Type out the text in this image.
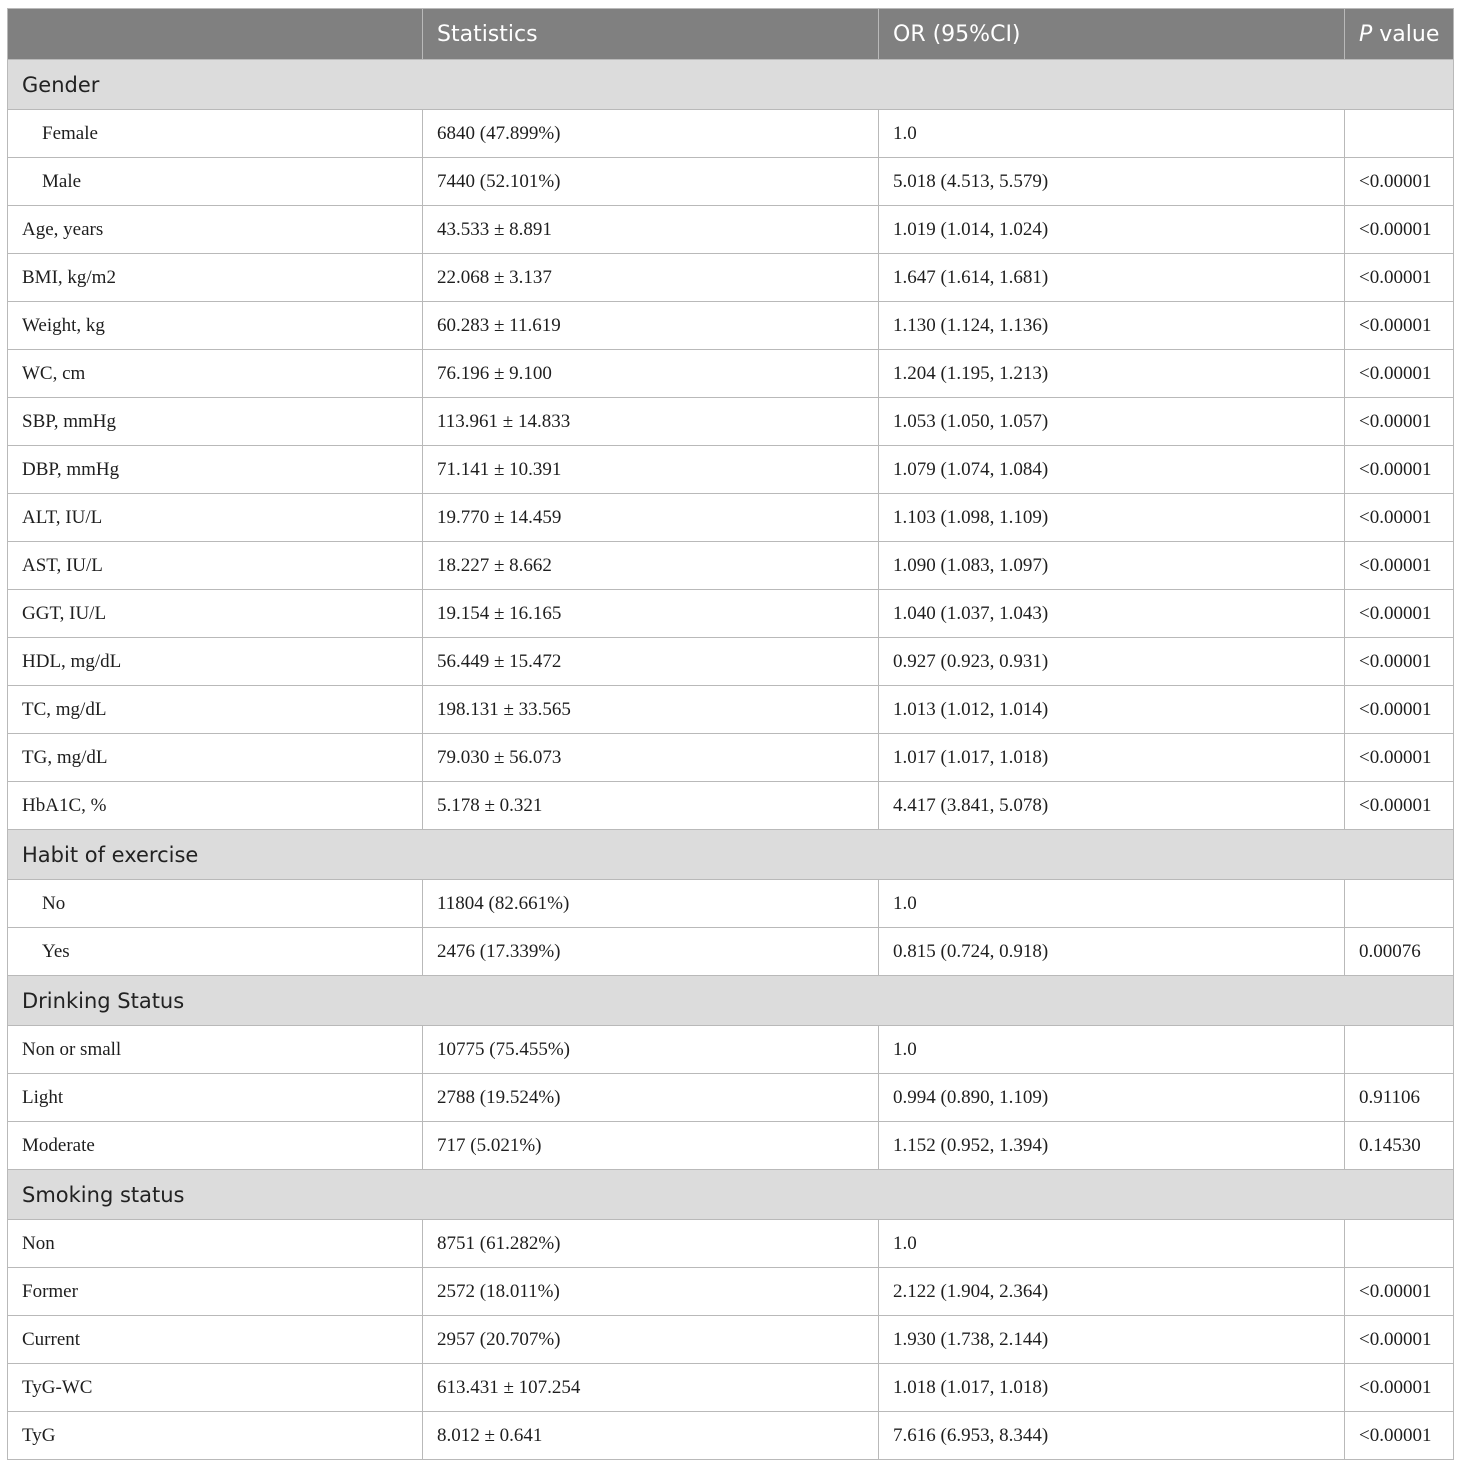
	Statistics	OR (95%CI)	P value
Gender			
Female	6840 (47.899%)	1.0	
Male	7440 (52.101%)	5.018 (4.513, 5.579)	<0.00001
Age, years	43.533 ± 8.891	1.019 (1.014, 1.024)	<0.00001
BMI, kg/m2	22.068 ± 3.137	1.647 (1.614, 1.681)	<0.00001
Weight, kg	60.283 ± 11.619	1.130 (1.124, 1.136)	<0.00001
WC, cm	76.196 ± 9.100	1.204 (1.195, 1.213)	<0.00001
SBP, mmHg	113.961 ± 14.833	1.053 (1.050, 1.057)	<0.00001
DBP, mmHg	71.141 ± 10.391	1.079 (1.074, 1.084)	<0.00001
ALT, IU/L	19.770 ± 14.459	1.103 (1.098, 1.109)	<0.00001
AST, IU/L	18.227 ± 8.662	1.090 (1.083, 1.097)	<0.00001
GGT, IU/L	19.154 ± 16.165	1.040 (1.037, 1.043)	<0.00001
HDL, mg/dL	56.449 ± 15.472	0.927 (0.923, 0.931)	<0.00001
TC, mg/dL	198.131 ± 33.565	1.013 (1.012, 1.014)	<0.00001
TG, mg/dL	79.030 ± 56.073	1.017 (1.017, 1.018)	<0.00001
HbA1C, %	5.178 ± 0.321	4.417 (3.841, 5.078)	<0.00001
Habit of exercise			
No	11804 (82.661%)	1.0	
Yes	2476 (17.339%)	0.815 (0.724, 0.918)	0.00076
Drinking Status			
Non or small	10775 (75.455%)	1.0	
Light	2788 (19.524%)	0.994 (0.890, 1.109)	0.91106
Moderate	717 (5.021%)	1.152 (0.952, 1.394)	0.14530
Smoking status			
Non	8751 (61.282%)	1.0	
Former	2572 (18.011%)	2.122 (1.904, 2.364)	<0.00001
Current	2957 (20.707%)	1.930 (1.738, 2.144)	<0.00001
TyG-WC	613.431 ± 107.254	1.018 (1.017, 1.018)	<0.00001
TyG	8.012 ± 0.641	7.616 (6.953, 8.344)	<0.00001
